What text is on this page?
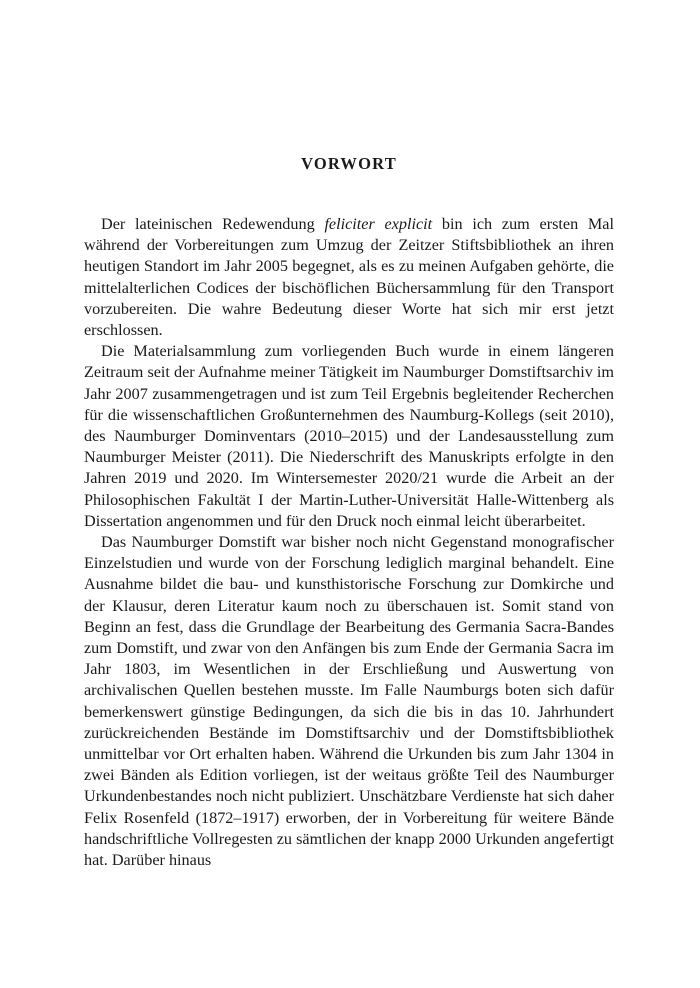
VORWORT

Der lateinischen Redewendung feliciter explicit bin ich zum ersten Mal während der Vorbereitungen zum Umzug der Zeitzer Stiftsbibliothek an ihren heutigen Standort im Jahr 2005 begegnet, als es zu meinen Aufgaben gehörte, die mittelalterlichen Codices der bischöflichen Büchersammlung für den Transport vorzubereiten. Die wahre Bedeutung dieser Worte hat sich mir erst jetzt erschlossen.

Die Materialsammlung zum vorliegenden Buch wurde in einem längeren Zeitraum seit der Aufnahme meiner Tätigkeit im Naumburger Domstiftsarchiv im Jahr 2007 zusammengetragen und ist zum Teil Ergebnis begleitender Recherchen für die wissenschaftlichen Großunternehmen des Naumburg-Kollegs (seit 2010), des Naumburger Dominventars (2010–2015) und der Landesausstellung zum Naumburger Meister (2011). Die Niederschrift des Manuskripts erfolgte in den Jahren 2019 und 2020. Im Wintersemester 2020/21 wurde die Arbeit an der Philosophischen Fakultät I der Martin-Luther-Universität Halle-Wittenberg als Dissertation angenommen und für den Druck noch einmal leicht überarbeitet.

Das Naumburger Domstift war bisher noch nicht Gegenstand monografischer Einzelstudien und wurde von der Forschung lediglich marginal behandelt. Eine Ausnahme bildet die bau- und kunsthistorische Forschung zur Domkirche und der Klausur, deren Literatur kaum noch zu überschauen ist. Somit stand von Beginn an fest, dass die Grundlage der Bearbeitung des Germania Sacra-Bandes zum Domstift, und zwar von den Anfängen bis zum Ende der Germania Sacra im Jahr 1803, im Wesentlichen in der Erschließung und Auswertung von archivalischen Quellen bestehen musste. Im Falle Naumburgs boten sich dafür bemerkenswert günstige Bedingungen, da sich die bis in das 10. Jahrhundert zurückreichenden Bestände im Domstiftsarchiv und der Domstiftsbibliothek unmittelbar vor Ort erhalten haben. Während die Urkunden bis zum Jahr 1304 in zwei Bänden als Edition vorliegen, ist der weitaus größte Teil des Naumburger Urkundenbestandes noch nicht publiziert. Unschätzbare Verdienste hat sich daher Felix Rosenfeld (1872–1917) erworben, der in Vorbereitung für weitere Bände handschriftliche Vollregesten zu sämtlichen der knapp 2000 Urkunden angefertigt hat. Darüber hinaus
